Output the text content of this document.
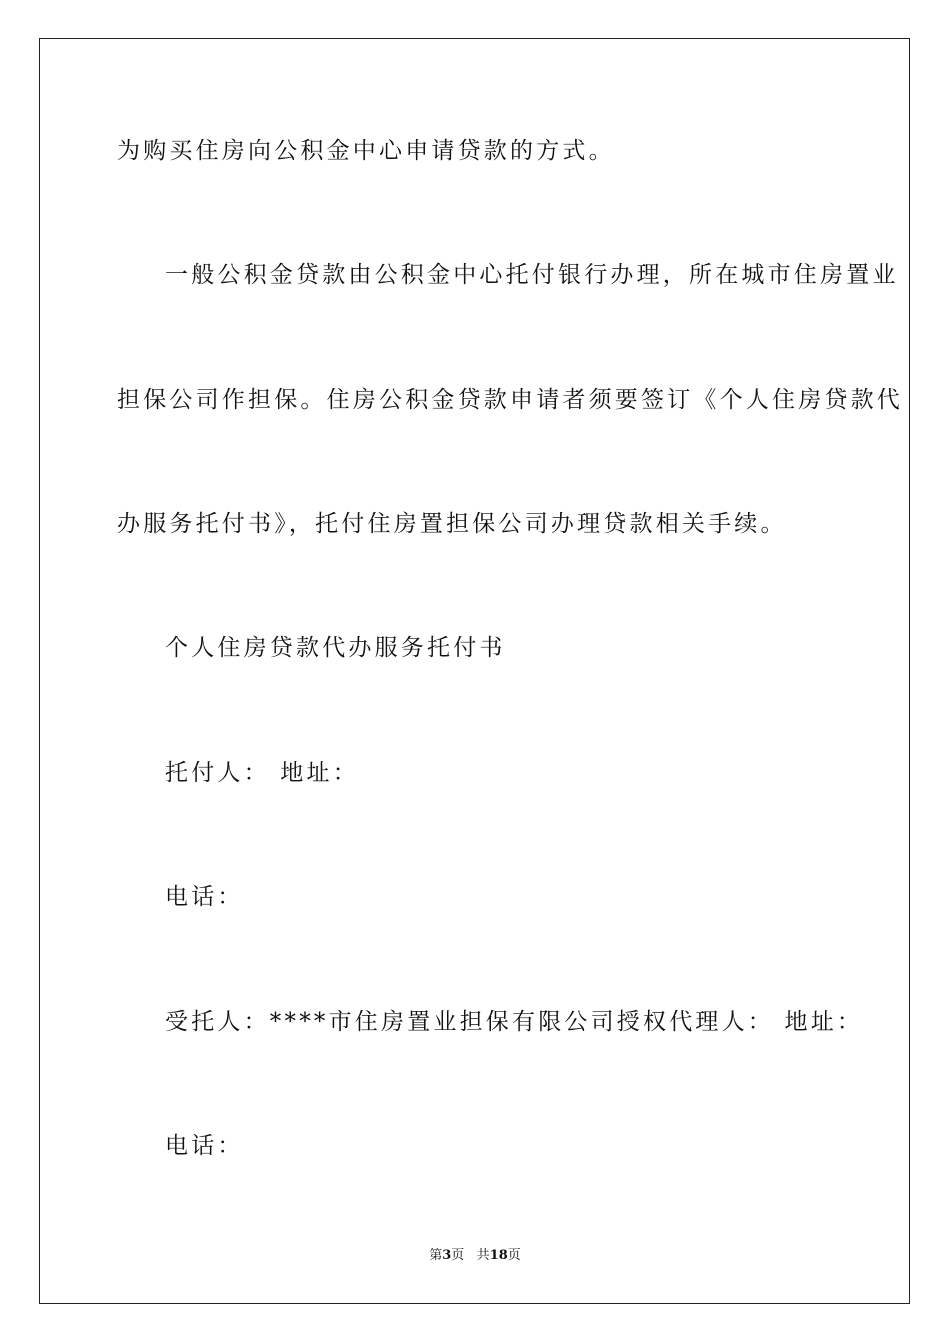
为购买住房向公积金中心申请贷款的方式。
一般公积金贷款由公积金中心托付银行办理，所在城市住房置业
担保公司作担保。住房公积金贷款申请者须要签订《个人住房贷款代
办服务托付书》，托付住房置担保公司办理贷款相关手续。
个人住房贷款代办服务托付书
托付人： 地址：
电话：
受托人：****市住房置业担保有限公司授权代理人： 地址：
电话：
第3页 共18页
